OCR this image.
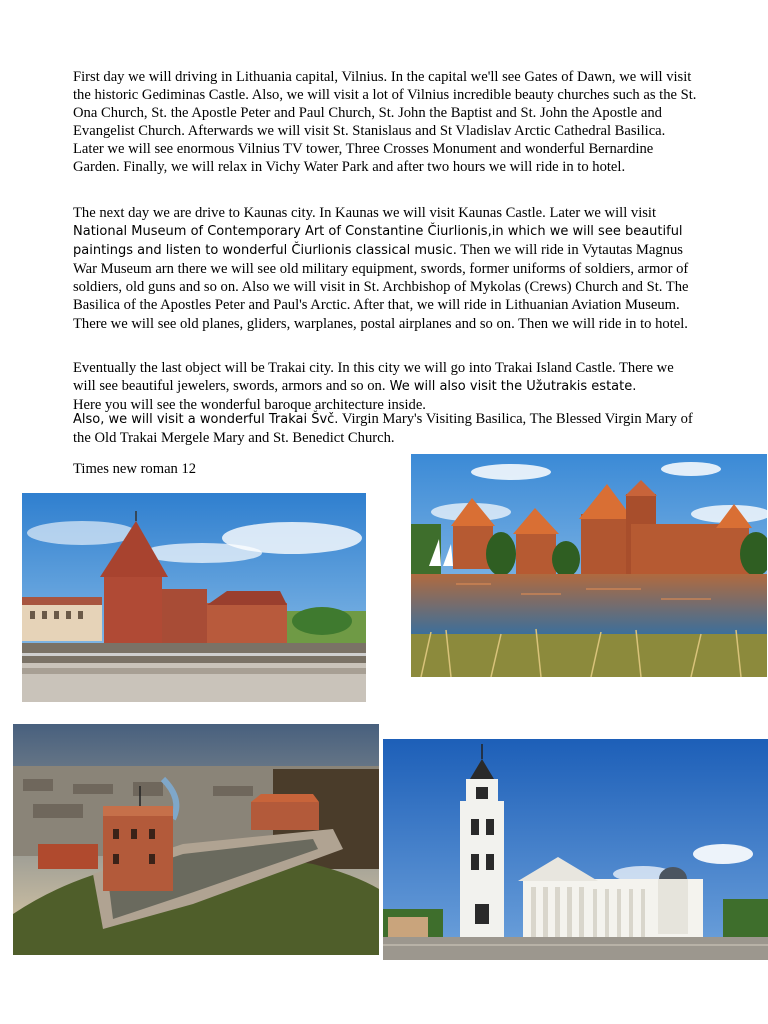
First day we will driving in Lithuania capital, Vilnius. In the capital we'll see Gates of Dawn, we will visit the historic Gediminas Castle. Also, we will visit a lot of Vilnius incredible beauty churches such as the St. Ona Church, St. the Apostle Peter and Paul Church, St. John the Baptist and St. John the Apostle and Evangelist Church. Afterwards we will visit St. Stanislaus and St Vladislav Arctic Cathedral Basilica. Later we will see enormous Vilnius TV tower, Three Crosses Monument and wonderful Bernardine Garden. Finally, we will relax in Vichy Water Park and after two hours we will ride in to hotel.

The next day we are drive to Kaunas city. In Kaunas we will visit Kaunas Castle. Later we will visit National Museum of Contemporary Art of Constantine Čiurlionis,in which we will see beautiful paintings and listen to wonderful Čiurlionis classical music. Then we will ride in Vytautas Magnus War Museum arn there we will see old military equipment, swords, former uniforms of soldiers, armor of soldiers, old guns and so on. Also we will visit in St. Archbishop of Mykolas (Crews) Church and St. The Basilica of the Apostles Peter and Paul's Arctic. After that, we will ride in Lithuanian Aviation Museum. There we will see old planes, gliders, warplanes, postal airplanes and so on. Then we will ride in to hotel.

Eventually the last object will be Trakai city. In this city we will go into Trakai Island Castle. There we will see beautiful jewelers, swords, armors and so on. We will also visit the Užutrakis estate.
Here you will see the wonderful baroque architecture inside.

Also, we will visit a wonderful Trakai Švč. Virgin Mary's Visiting Basilica, The Blessed Virgin Mary of the Old Trakai Mergele Mary and St. Benedict Church.

Times new roman 12
